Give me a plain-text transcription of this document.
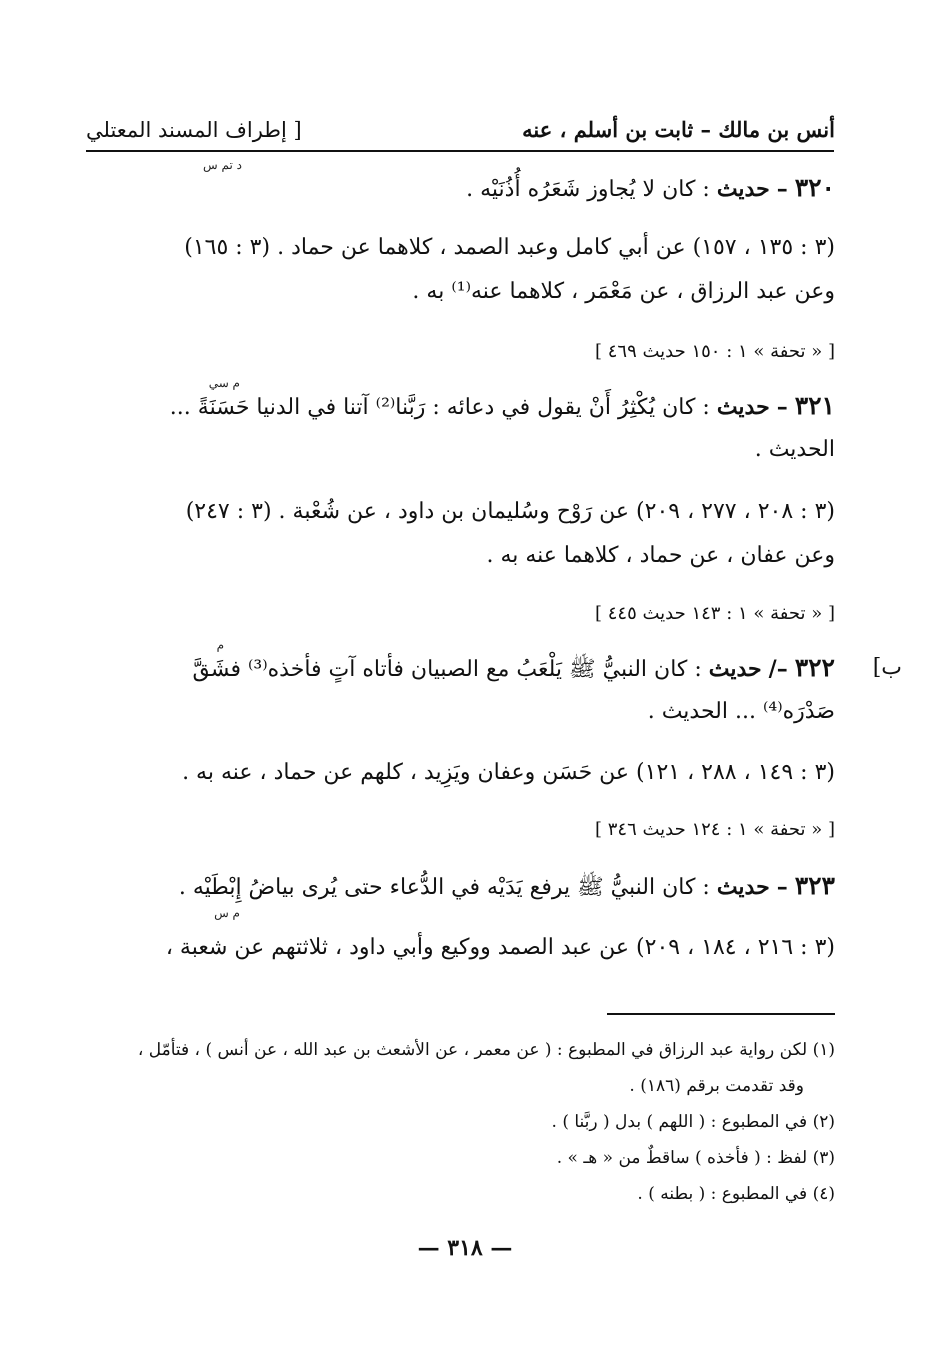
أنس بن مالك – ثابت بن أسلم ، عنه
[ إطراف المسند المعتلي
د تم س
٣٢٠ – حديث : كان لا يُجاوز شَعَرُه أُذُنَيْه .
(٣ : ١٣٥ ، ١٥٧) عن أبي كامل وعبد الصمد ، كلاهما عن حماد . (٣ : ١٦٥)
وعن عبد الرزاق ، عن مَعْمَر ، كلاهما عنه⁽¹⁾ به .
[ « تحفة » ١ : ١٥٠ حديث ٤٦٩ ]
م سي
٣٢١ – حديث : كان يُكْثِرُ أَنْ يقول في دعائه : رَبَّنا⁽²⁾ آتنا في الدنيا حَسَنَةً ...
الحديث .
(٣ : ٢٠٨ ، ٢٧٧ ، ٢٠٩) عن رَوْح وسُليمان بن داود ، عن شُعْبة . (٣ : ٢٤٧)
وعن عفان ، عن حماد ، كلاهما عنه به .
[ « تحفة » ١ : ١٤٣ حديث ٤٤٥ ]
ب]
م
٣٢٢ –/ حديث : كان النبيُّ ﷺ يَلْعَبُ مع الصبيان فأتاه آتٍ فأخذه⁽³⁾ فشَقَّ
صَدْرَه⁽⁴⁾ ... الحديث .
(٣ : ١٤٩ ، ٢٨٨ ، ١٢١) عن حَسَن وعفان ويَزِيد ، كلهم عن حماد ، عنه به .
[ « تحفة » ١ : ١٢٤ حديث ٣٤٦ ]
٣٢٣ – حديث : كان النبيُّ ﷺ يرفع يَدَيْه في الدُّعاء حتى يُرى بياضُ إِبْطَيْه .
م س
(٣ : ٢١٦ ، ١٨٤ ، ٢٠٩) عن عبد الصمد ووكيع وأبي داود ، ثلاثتهم عن شعبة ،
(١) لكن رواية عبد الرزاق في المطبوع : ( عن معمر ، عن الأشعث بن عبد الله ، عن أنس ) ، فتأمّل ،
وقد تقدمت برقم (١٨٦) .
(٢) في المطبوع : ( اللهم ) بدل ( ربَّنا ) .
(٣) لفظ : ( فأخذه ) ساقطٌ من « هـ » .
(٤) في المطبوع : ( بطنه ) .
— ٣١٨ —
